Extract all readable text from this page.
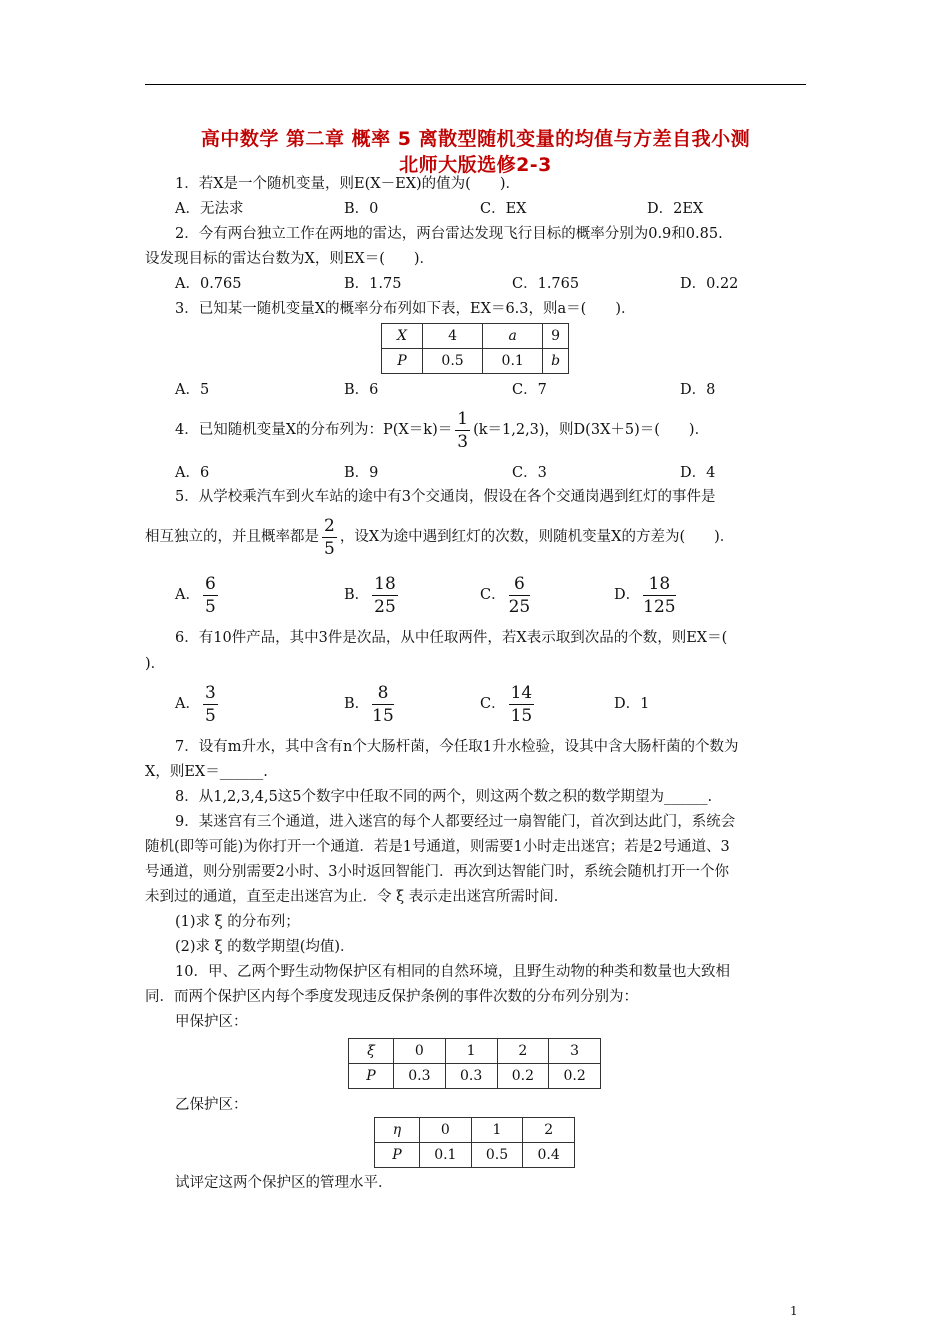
高中数学 第二章 概率 5 离散型随机变量的均值与方差自我小测
北师大版选修2-3
1．若X是一个随机变量，则E(X－EX)的值为(　　)．
A．无法求	B．0	C．EX	D．2EX
2．今有两台独立工作在两地的雷达，两台雷达发现飞行目标的概率分别为0.9和0.85.
设发现目标的雷达台数为X，则EX＝(　　)．
A．0.765	B．1.75	C．1.765	D．0.22
3．已知某一随机变量X的概率分布列如下表，EX＝6.3，则a＝(　　)．
X	4	a	9
P	0.5	0.1	b
A．5	B．6	C．7	D．8
4．已知随机变量X的分布列为：$P(X=k)= \frac{1}{3} (k=1,2,3)$，则D(3X＋5)＝(　　)．
A．6	B．9	C．3	D．4
5．从学校乘汽车到火车站的途中有3个交通岗，假设在各个交通岗遇到红灯的事件是
相互独立的，并且概率都是 $\frac{2}{5}$ ，设X为途中遇到红灯的次数，则随机变量X的方差为(　　)．
A． $\frac{6}{5}$	B． $\frac{18}{25}$	C． $\frac{6}{25}$	D． $\frac{18}{125}$
6．有10件产品，其中3件是次品，从中任取两件，若X表示取到次品的个数，则EX＝(
)．
A． $\frac{3}{5}$	B． $\frac{8}{15}$	C． $\frac{14}{15}$	D．1
7．设有m升水，其中含有n个大肠杆菌，今任取1升水检验，设其中含大肠杆菌的个数为
X，则EX＝______.
8．从1,2,3,4,5这5个数字中任取不同的两个，则这两个数之积的数学期望为______.
9．某迷宫有三个通道，进入迷宫的每个人都要经过一扇智能门，首次到达此门，系统会
随机(即等可能)为你打开一个通道．若是1号通道，则需要1小时走出迷宫；若是2号通道、3
号通道，则分别需要2小时、3小时返回智能门．再次到达智能门时，系统会随机打开一个你
未到过的通道，直至走出迷宫为止．令 ξ 表示走出迷宫所需时间．
(1)求 ξ 的分布列；
(2)求 ξ 的数学期望(均值)．
10．甲、乙两个野生动物保护区有相同的自然环境，且野生动物的种类和数量也大致相
同．而两个保护区内每个季度发现违反保护条例的事件次数的分布列分别为：
甲保护区：
ξ	0	1	2	3
P	0.3	0.3	0.2	0.2
乙保护区：
η	0	1	2
P	0.1	0.5	0.4
试评定这两个保护区的管理水平．
1
